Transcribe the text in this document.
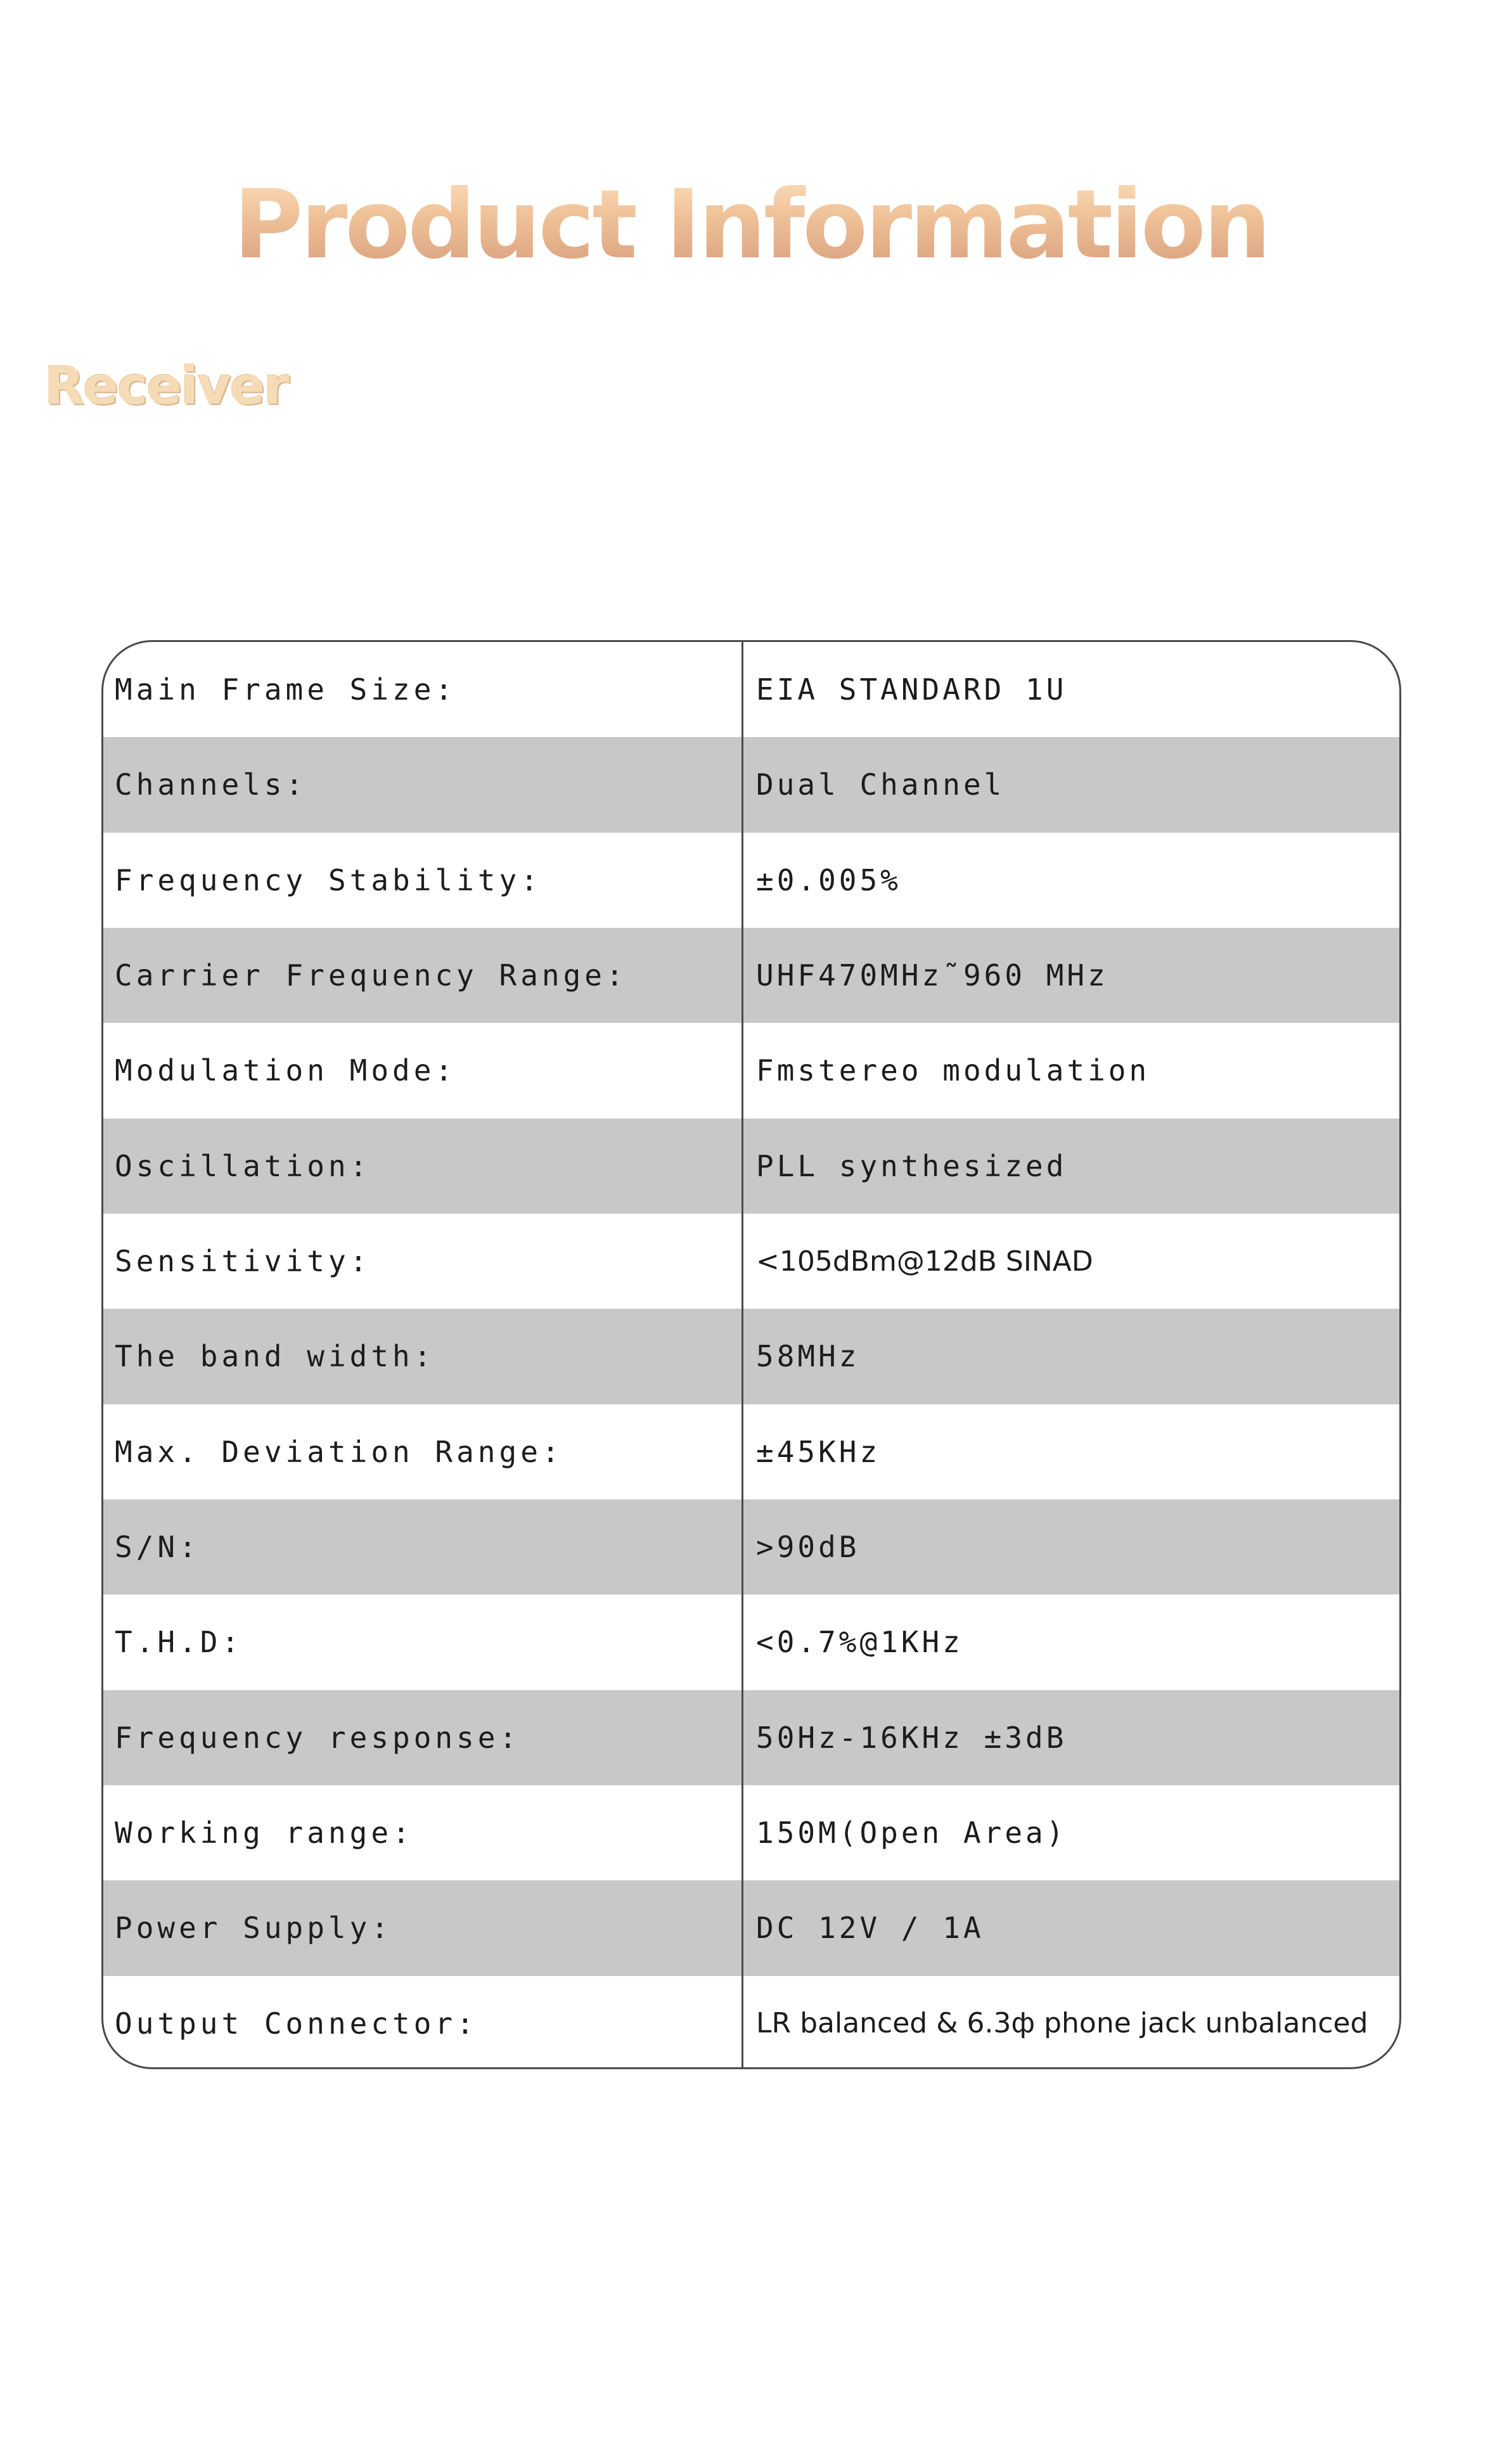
Product Information
Receiver
Main Frame Size:	EIA STANDARD 1U
Channels:	Dual Channel
Frequency Stability:	±0.005%
Carrier Frequency Range:	UHF470MHz˜960 MHz
Modulation Mode:	Fmstereo modulation
Oscillation:	PLL synthesized
Sensitivity:	<105dBm@12dB SINAD
The band width:	58MHz
Max. Deviation Range:	±45KHz
S/N:	>90dB
T.H.D:	<0.7%@1KHz
Frequency response:	50Hz-16KHz ±3dB
Working range:	150M(Open Area)
Power Supply:	DC 12V / 1A
Output Connector:	LR balanced & 6.3ф phone jack unbalanced
